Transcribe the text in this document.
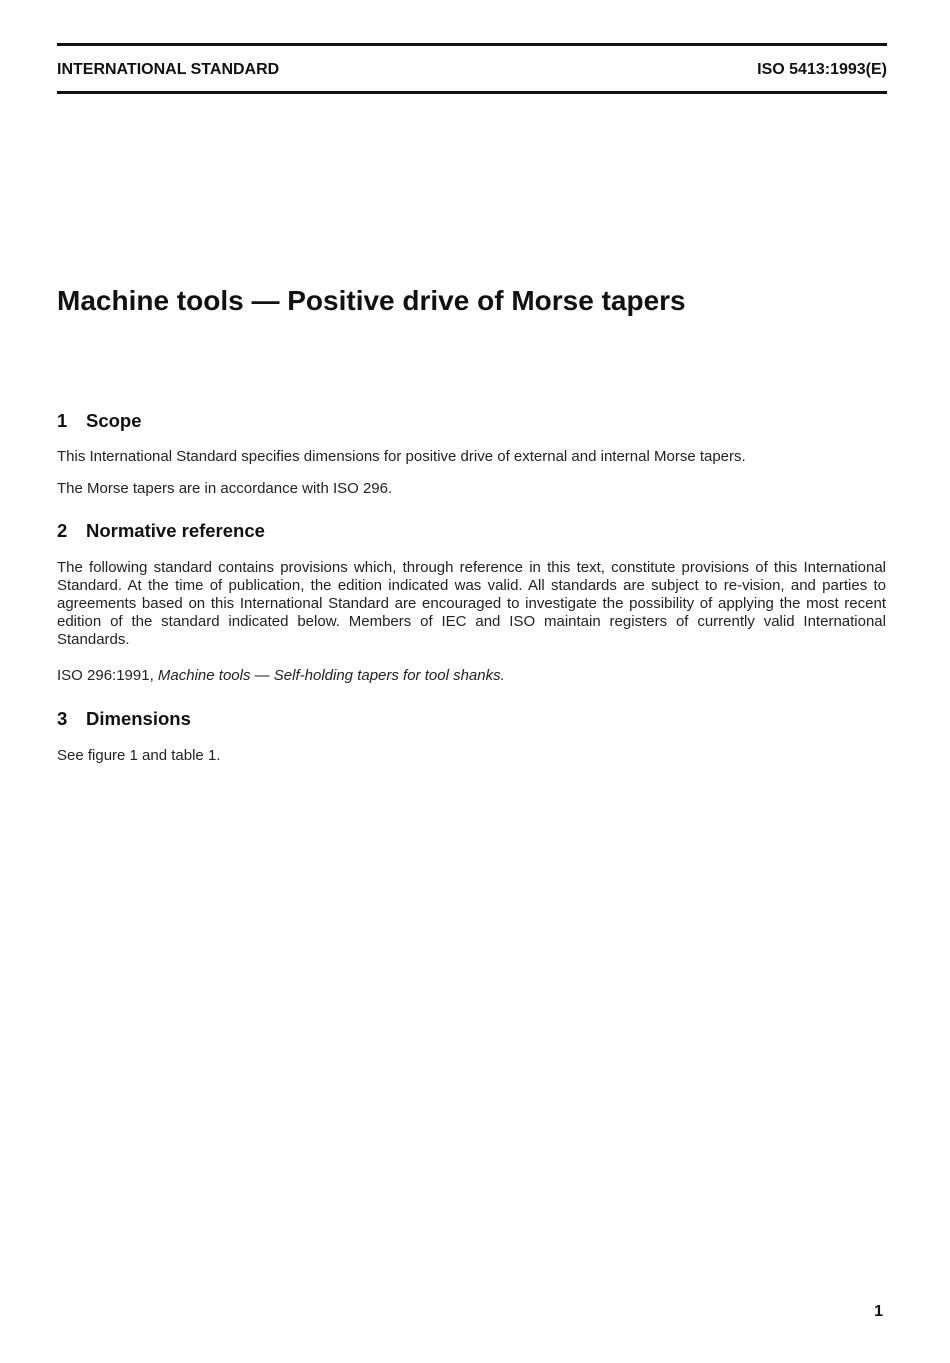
INTERNATIONAL STANDARD	ISO 5413:1993(E)
Machine tools — Positive drive of Morse tapers
1 Scope

This International Standard specifies dimensions for positive drive of external and internal Morse tapers.

The Morse tapers are in accordance with ISO 296.

2 Normative reference

The following standard contains provisions which, through reference in this text, constitute provisions of this International Standard. At the time of publication, the edition indicated was valid. All standards are subject to re-vision, and parties to agreements based on this International Standard are encouraged to investigate the possibility of applying the most recent edition of the standard indicated below. Members of IEC and ISO maintain registers of currently valid International Standards.

ISO 296:1991, Machine tools — Self-holding tapers for tool shanks.

3 Dimensions

See figure 1 and table 1.

1
